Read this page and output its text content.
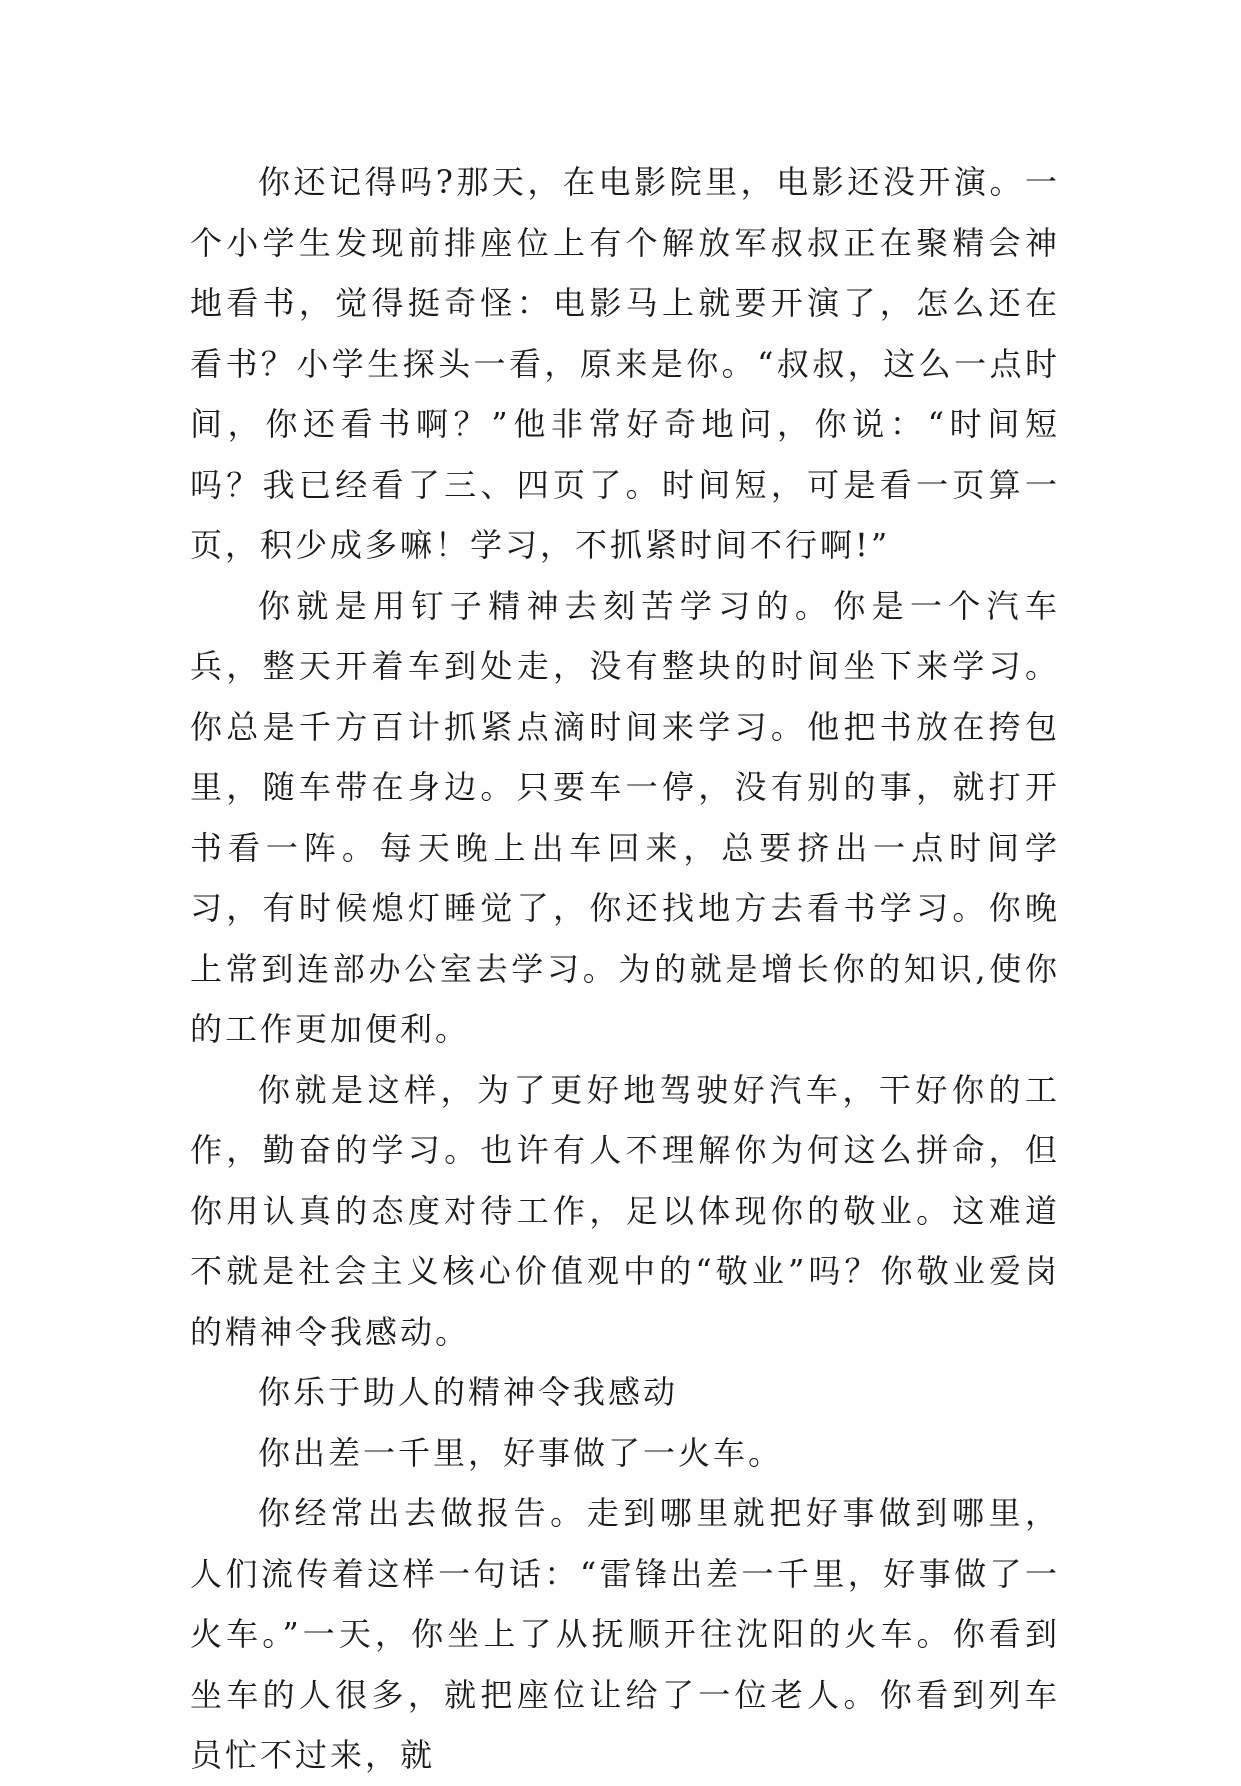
你还记得吗?那天，在电影院里，电影还没开演。一个小学生发现前排座位上有个解放军叔叔正在聚精会神地看书，觉得挺奇怪：电影马上就要开演了，怎么还在看书？小学生探头一看，原来是你。“叔叔，这么一点时间，你还看书啊？”他非常好奇地问，你说：“时间短吗？我已经看了三、四页了。时间短，可是看一页算一页，积少成多嘛！学习，不抓紧时间不行啊!”

你就是用钉子精神去刻苦学习的。你是一个汽车兵，整天开着车到处走，没有整块的时间坐下来学习。你总是千方百计抓紧点滴时间来学习。他把书放在挎包里，随车带在身边。只要车一停，没有别的事，就打开书看一阵。每天晚上出车回来，总要挤出一点时间学习，有时候熄灯睡觉了，你还找地方去看书学习。你晚上常到连部办公室去学习。为的就是增长你的知识,使你的工作更加便利。

你就是这样，为了更好地驾驶好汽车，干好你的工作，勤奋的学习。也许有人不理解你为何这么拼命，但你用认真的态度对待工作，足以体现你的敬业。这难道不就是社会主义核心价值观中的“敬业”吗？你敬业爱岗的精神令我感动。

你乐于助人的精神令我感动

你出差一千里，好事做了一火车。

你经常出去做报告。走到哪里就把好事做到哪里，人们流传着这样一句话：“雷锋出差一千里，好事做了一火车。”一天，你坐上了从抚顺开往沈阳的火车。你看到坐车的人很多，就把座位让给了一位老人。你看到列车员忙不过来，就
